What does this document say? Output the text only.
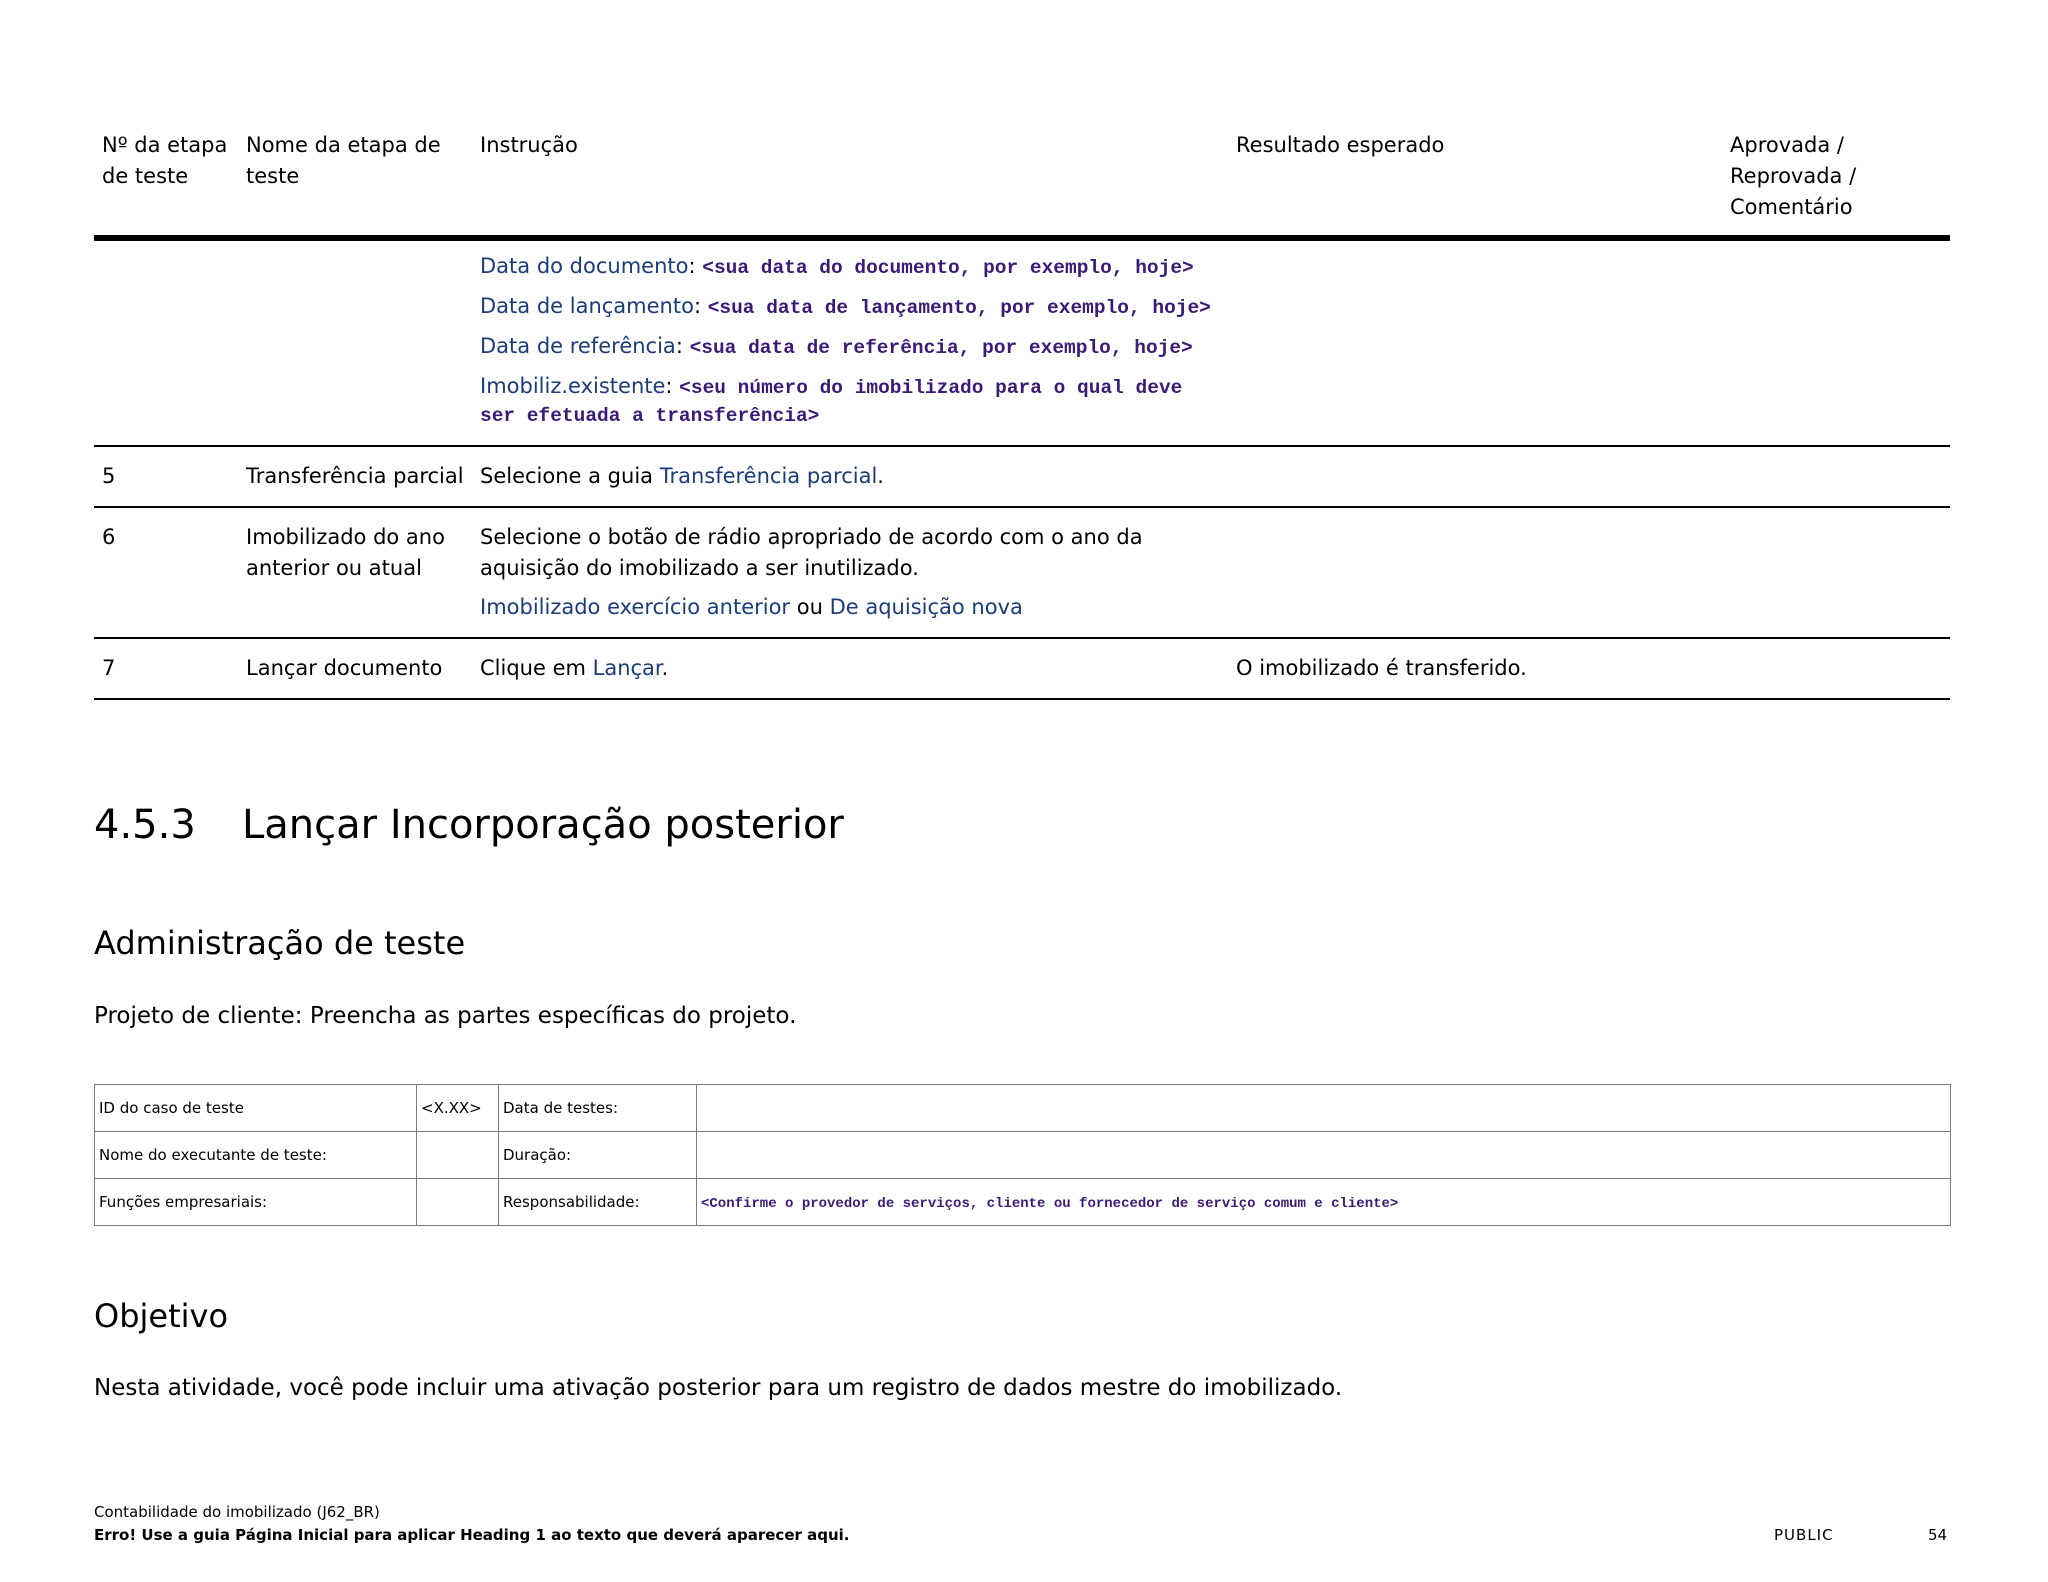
Nº da etapa de teste	Nome da etapa de teste	Instrução	Resultado esperado	Aprovada / Reprovada / Comentário

		Data do documento: <sua data do documento, por exemplo, hoje>
Data de lançamento: <sua data de lançamento, por exemplo, hoje>
Data de referência: <sua data de referência, por exemplo, hoje>
Imobiliz.existente: <seu número do imobilizado para o qual deve ser efetuada a transferência>		

5	Transferência parcial	Selecione a guia Transferência parcial.		
6	Imobilizado do ano anterior ou atual	Selecione o botão de rádio apropriado de acordo com o ano da aquisição do imobilizado a ser inutilizado.
Imobilizado exercício anterior ou De aquisição nova		

7	Lançar documento	Clique em Lançar.	O imobilizado é transferido.	
4.5.3 Lançar Incorporação posterior
Administração de teste
Projeto de cliente: Preencha as partes específicas do projeto.
ID do caso de teste	<X.XX>	Data de testes:	
Nome do executante de teste:		Duração:	
Funções empresariais:		Responsabilidade:	<Confirme o provedor de serviços, cliente ou fornecedor de serviço comum e cliente>
Objetivo
Nesta atividade, você pode incluir uma ativação posterior para um registro de dados mestre do imobilizado.
Contabilidade do imobilizado (J62_BR)
Erro! Use a guia Página Inicial para aplicar Heading 1 ao texto que deverá aparecer aqui.	PUBLIC	54
